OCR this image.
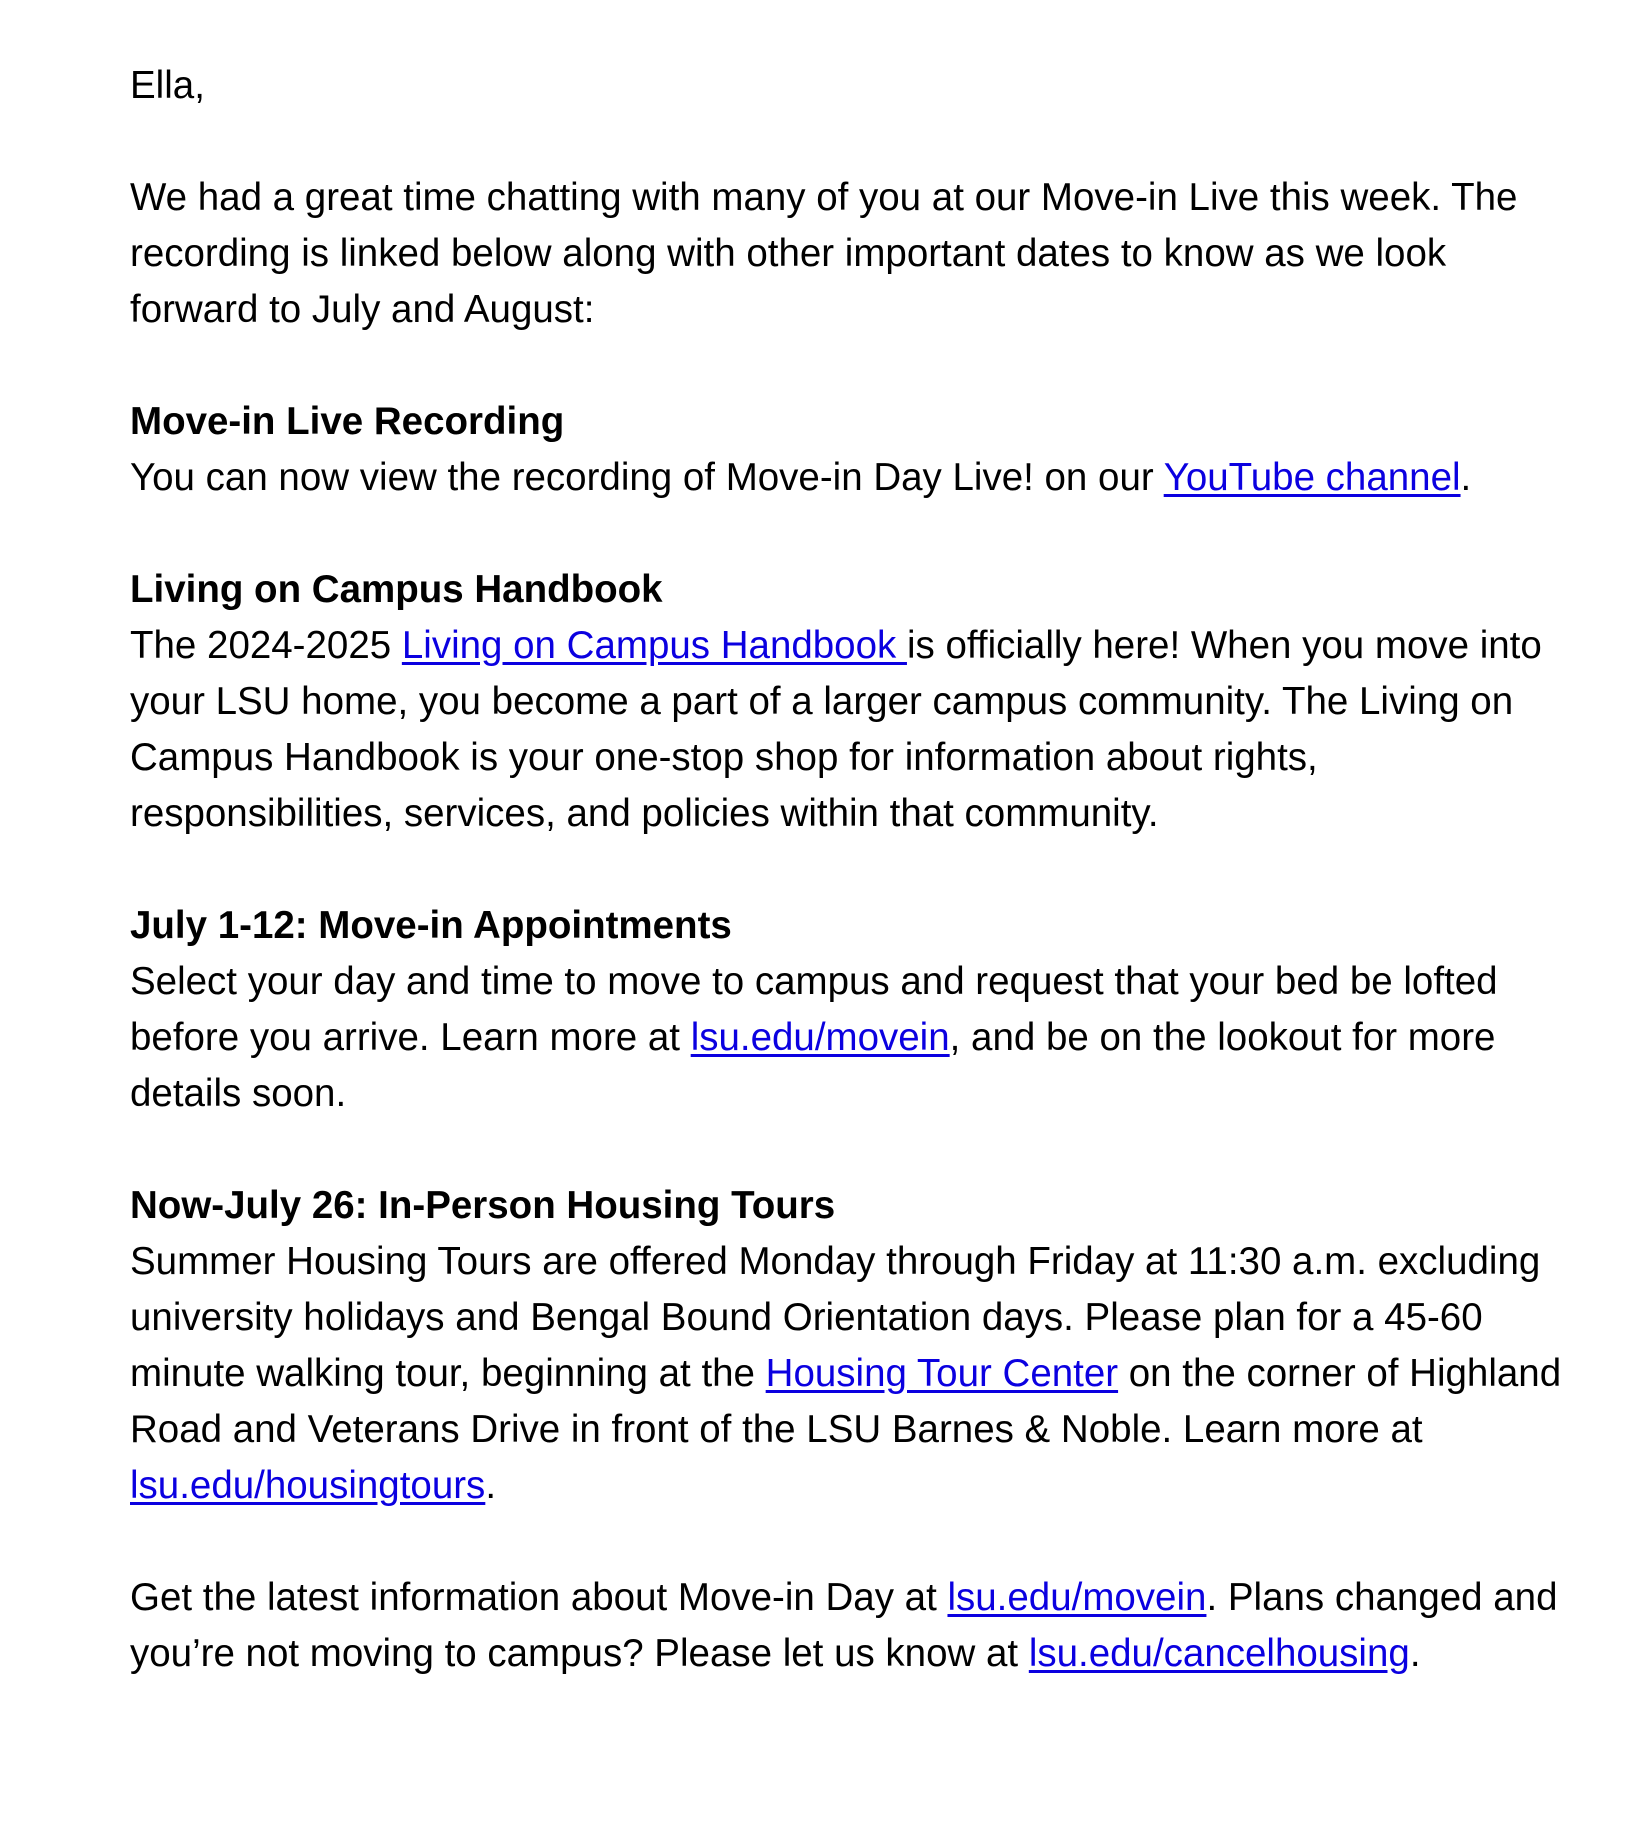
Ella,

We had a great time chatting with many of you at our Move-in Live this week. The recording is linked below along with other important dates to know as we look forward to July and August:

Move-in Live Recording

You can now view the recording of Move-in Day Live! on our YouTube channel.

Living on Campus Handbook

The 2024-2025 Living on Campus Handbook is officially here! When you move into your LSU home, you become a part of a larger campus community. The Living on Campus Handbook is your one-stop shop for information about rights, responsibilities, services, and policies within that community.

July 1-12: Move-in Appointments

Select your day and time to move to campus and request that your bed be lofted before you arrive. Learn more at lsu.edu/movein, and be on the lookout for more details soon.

Now-July 26: In-Person Housing Tours

Summer Housing Tours are offered Monday through Friday at 11:30 a.m. excluding university holidays and Bengal Bound Orientation days. Please plan for a 45-60 minute walking tour, beginning at the Housing Tour Center on the corner of Highland Road and Veterans Drive in front of the LSU Barnes & Noble. Learn more at lsu.edu/housingtours.

Get the latest information about Move-in Day at lsu.edu/movein. Plans changed and you’re not moving to campus? Please let us know at lsu.edu/cancelhousing.
